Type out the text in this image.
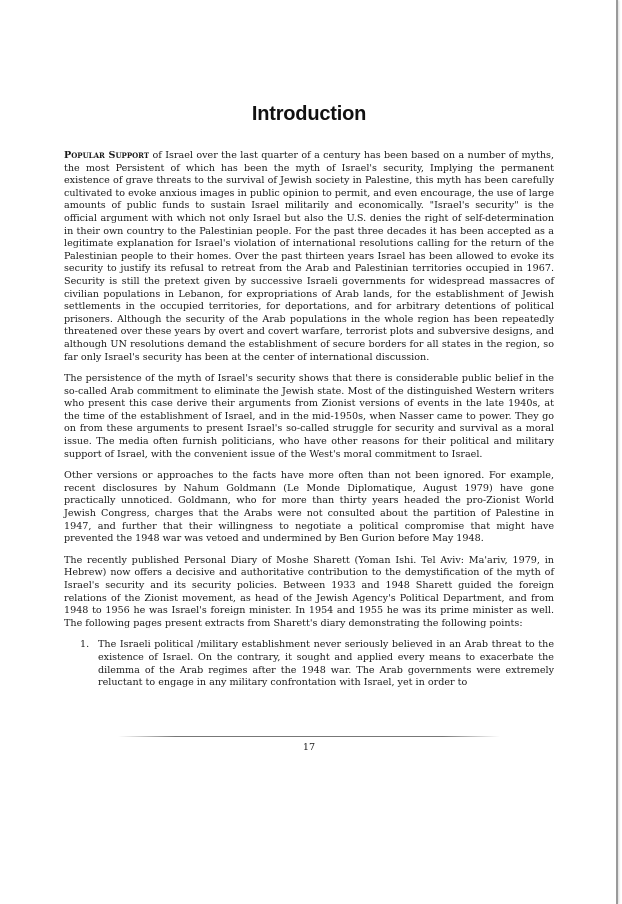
Introduction

Popular Support of Israel over the last quarter of a century has been based on a number of myths, the most Persistent of which has been the myth of Israel's security, Implying the permanent existence of grave threats to the survival of Jewish society in Palestine, this myth has been carefully cultivated to evoke anxious images in public opinion to permit, and even encourage, the use of large amounts of public funds to sustain Israel militarily and economically. "Israel's security" is the official argument with which not only Israel but also the U.S. denies the right of self-determination in their own country to the Palestinian people. For the past three decades it has been accepted as a legitimate explanation for Israel's violation of international resolutions calling for the return of the Palestinian people to their homes. Over the past thirteen years Israel has been allowed to evoke its security to justify its refusal to retreat from the Arab and Palestinian territories occupied in 1967. Security is still the pretext given by successive Israeli governments for widespread massacres of civilian populations in Lebanon, for expropriations of Arab lands, for the establishment of Jewish settlements in the occupied territories, for deportations, and for arbitrary detentions of political prisoners. Although the security of the Arab populations in the whole region has been repeatedly threatened over these years by overt and covert warfare, terrorist plots and subversive designs, and although UN resolutions demand the establishment of secure borders for all states in the region, so far only Israel's security has been at the center of international discussion.

The persistence of the myth of Israel's security shows that there is considerable public belief in the so-called Arab commitment to eliminate the Jewish state. Most of the distinguished Western writers who present this case derive their arguments from Zionist versions of events in the late 1940s, at the time of the establishment of Israel, and in the mid-1950s, when Nasser came to power. They go on from these arguments to present Israel's so-called struggle for security and survival as a moral issue. The media often furnish politicians, who have other reasons for their political and military support of Israel, with the convenient issue of the West's moral commitment to Israel.

Other versions or approaches to the facts have more often than not been ignored. For example, recent disclosures by Nahum Goldmann (Le Monde Diplomatique, August 1979) have gone practically unnoticed. Goldmann, who for more than thirty years headed the pro-Zionist World Jewish Congress, charges that the Arabs were not consulted about the partition of Palestine in 1947, and further that their willingness to negotiate a political compromise that might have prevented the 1948 war was vetoed and undermined by Ben Gurion before May 1948.

The recently published Personal Diary of Moshe Sharett (Yoman Ishi. Tel Aviv: Ma'ariv, 1979, in Hebrew) now offers a decisive and authoritative contribution to the demystification of the myth of Israel's security and its security policies. Between 1933 and 1948 Sharett guided the foreign relations of the Zionist movement, as head of the Jewish Agency's Political Department, and from 1948 to 1956 he was Israel's foreign minister. In 1954 and 1955 he was its prime minister as well. The following pages present extracts from Sharett's diary demonstrating the following points:

1. The Israeli political /military establishment never seriously believed in an Arab threat to the existence of Israel. On the contrary, it sought and applied every means to exacerbate the dilemma of the Arab regimes after the 1948 war. The Arab governments were extremely reluctant to engage in any military confrontation with Israel, yet in order to
17
